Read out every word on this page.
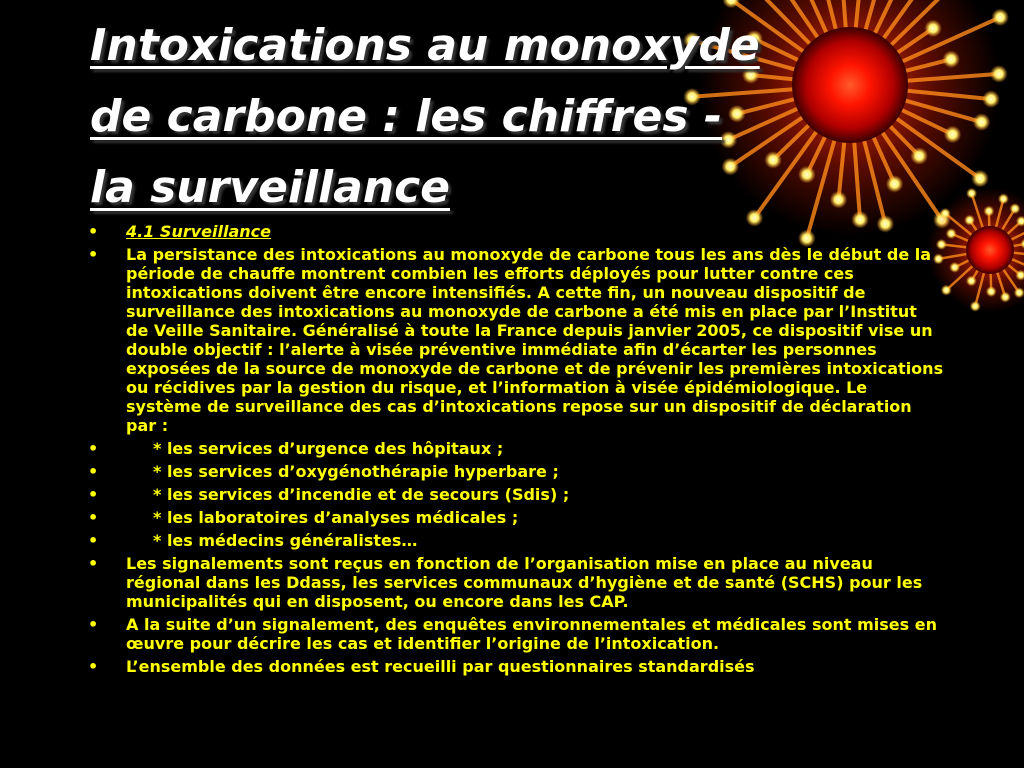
Intoxications au monoxyde
de carbone : les chiffres -
la surveillance
• 4.1 Surveillance
• La persistance des intoxications au monoxyde de carbone tous les ans dès le début de la période de chauffe montrent combien les efforts déployés pour lutter contre ces intoxications doivent être encore intensifiés. A cette fin, un nouveau dispositif de surveillance des intoxications au monoxyde de carbone a été mis en place par l’Institut de Veille Sanitaire. Généralisé à toute la France depuis janvier 2005, ce dispositif vise un double objectif : l’alerte à visée préventive immédiate afin d’écarter les personnes exposées de la source de monoxyde de carbone et de prévenir les premières intoxications ou récidives par la gestion du risque, et l’information à visée épidémiologique. Le système de surveillance des cas d’intoxications repose sur un dispositif de déclaration par :
•	* les services d’urgence des hôpitaux ;
•	* les services d’oxygénothérapie hyperbare ;
•	* les services d’incendie et de secours (Sdis) ;
•	* les laboratoires d’analyses médicales ;
•	* les médecins généralistes…
• Les signalements sont reçus en fonction de l’organisation mise en place au niveau régional dans les Ddass, les services communaux d’hygiène et de santé (SCHS) pour les municipalités qui en disposent, ou encore dans les CAP.
• A la suite d’un signalement, des enquêtes environnementales et médicales sont mises en œuvre pour décrire les cas et identifier l’origine de l’intoxication.
• L’ensemble des données est recueilli par questionnaires standardisés
